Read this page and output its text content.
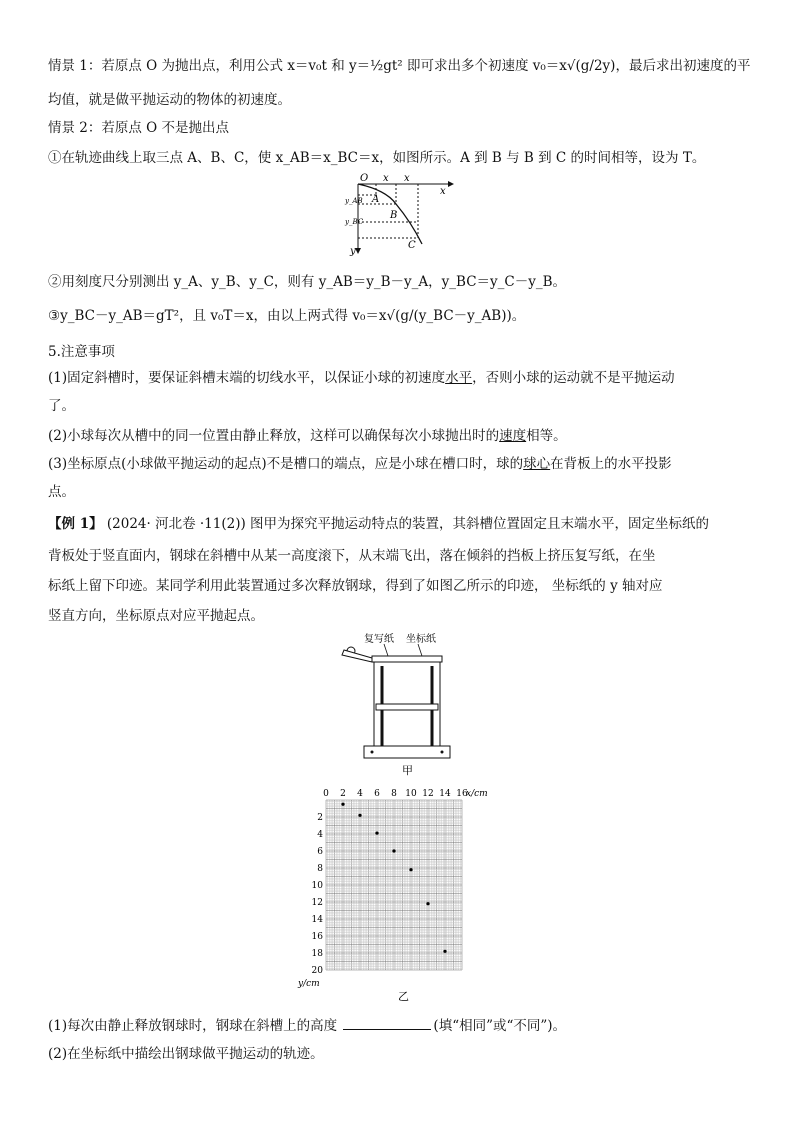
情景 1：若原点 O 为抛出点，利用公式 x＝v₀t 和 y＝½gt² 即可求出多个初速度 v₀＝x√(g/2y)，最后求出初速度的平
均值，就是做平抛运动的物体的初速度。
情景 2：若原点 O 不是抛出点
①在轨迹曲线上取三点 A、B、C，使 x_AB＝x_BC＝x，如图所示。A 到 B 与 B 到 C 的时间相等，设为 T。
O x x
x
y_AB
y_BC
y
A
B
C
②用刻度尺分别测出 y_A、y_B、y_C，则有 y_AB＝y_B－y_A，y_BC＝y_C－y_B。
③y_BC－y_AB＝gT²，且 v₀T＝x，由以上两式得 v₀＝x√(g/(y_BC－y_AB))。
5.注意事项
(1)固定斜槽时，要保证斜槽末端的切线水平，以保证小球的初速度水平，否则小球的运动就不是平抛运动
了。
(2)小球每次从槽中的同一位置由静止释放，这样可以确保每次小球抛出时的速度相等。
(3)坐标原点(小球做平抛运动的起点)不是槽口的端点，应是小球在槽口时，球的球心在背板上的水平投影
点。
【例 1】 (2024· 河北卷 ·11(2)) 图甲为探究平抛运动特点的装置，其斜槽位置固定且末端水平，固定坐标纸的
背板处于竖直面内，钢球在斜槽中从某一高度滚下，从末端飞出，落在倾斜的挡板上挤压复写纸，在坐
标纸上留下印迹。某同学利用此装置通过多次释放钢球，得到了如图乙所示的印迹， 坐标纸的 y 轴对应
竖直方向，坐标原点对应平抛起点。
复写纸 坐标纸
甲
0 2 4 6 8 10 12 14 16
2
4
6
8
10
12
14
16
18
20
x/cm
y/cm
乙
(1)每次由静止释放钢球时，钢球在斜槽上的高度	(填“相同”或“不同”)。
(2)在坐标纸中描绘出钢球做平抛运动的轨迹。
